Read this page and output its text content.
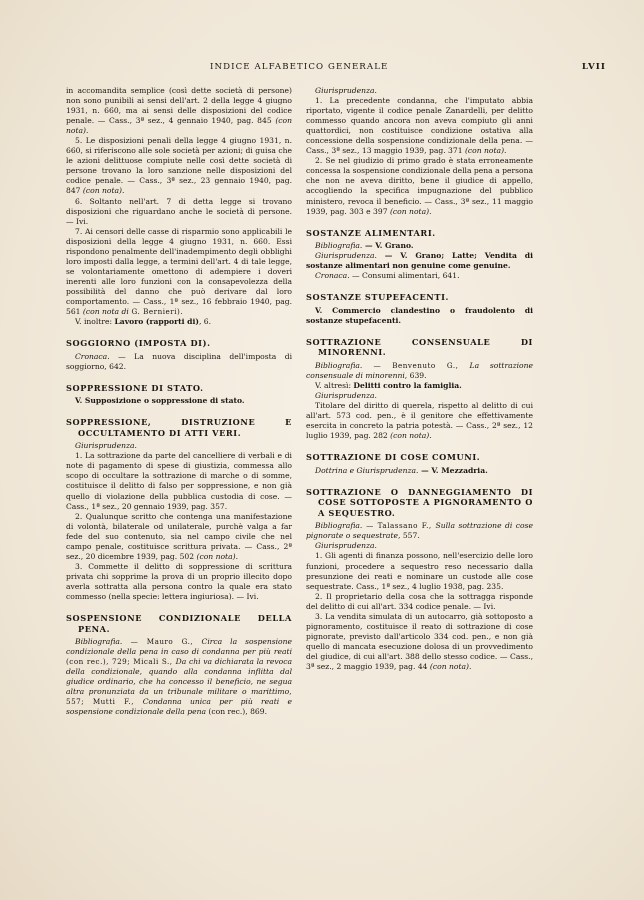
INDICE ALFABETICO GENERALE	LVII

in accomandita semplice (così dette società di persone) non sono punibili ai sensi dell'art. 2 della legge 4 giugno 1931, n. 660, ma ai sensi delle disposizioni del codice penale. — Cass., 3ª sez., 4 gennaio 1940, pag. 845 (con nota).

5. Le disposizioni penali della legge 4 giugno 1931, n. 660, si riferiscono alle sole società per azioni; di guisa che le azioni delittuose compiute nelle così dette società di persone trovano la loro sanzione nelle disposizioni del codice penale. — Cass., 3ª sez., 23 gennaio 1940, pag. 847 (con nota).

6. Soltanto nell'art. 7 di detta legge si trovano disposizioni che riguardano anche le società di persone. — Ivi.

7. Ai censori delle casse di risparmio sono applicabili le disposizioni della legge 4 giugno 1931, n. 660. Essi rispondono penalmente dell'inadempimento degli obblighi loro imposti dalla legge, a termini dell'art. 4 di tale legge, se volontariamente omettono di adempiere i doveri inerenti alle loro funzioni con la consapevolezza della possibilità del danno che può derivare dal loro comportamento. — Cass., 1ª sez., 16 febbraio 1940, pag. 561 (con nota di G. Bernieri).

V. inoltre: Lavoro (rapporti di), 6.

SOGGIORNO (IMPOSTA DI).

Cronaca. — La nuova disciplina dell'imposta di soggiorno, 642.

SOPPRESSIONE DI STATO.

V. Supposizione o soppressione di stato.

SOPPRESSIONE, DISTRUZIONE E OCCULTAMENTO DI ATTI VERI.

Giurisprudenza.

1. La sottrazione da parte del cancelliere di verbali e di note di pagamento di spese di giustizia, commessa allo scopo di occultare la sottrazione di marche o di somme, costituisce il delitto di falso per soppressione, e non già quello di violazione della pubblica custodia di cose. — Cass., 1ª sez., 20 gennaio 1939, pag. 357.

2. Qualunque scritto che contenga una manifestazione di volontà, bilaterale od unilaterale, purchè valga a far fede del suo contenuto, sia nel campo civile che nel campo penale, costituisce scrittura privata. — Cass., 2ª sez., 20 dicembre 1939, pag. 502 (con nota).

3. Commette il delitto di soppressione di scrittura privata chi sopprime la prova di un proprio illecito dopo averla sottratta alla persona contro la quale era stato commesso (nella specie: lettera ingiuriosa). — Ivi.

SOSPENSIONE CONDIZIONALE DELLA PENA.

Bibliografia. — Mauro G., Circa la sospensione condizionale della pena in caso di condanna per più reati (con rec.), 729; Micali S., Da chi va dichiarata la revoca della condizionale, quando alla condanna inflitta dal giudice ordinario, che ha concesso il beneficio, ne segua altra pronunziata da un tribunale militare o marittimo, 557; Mutti F., Condanna unica per più reati e sospensione condizionale della pena (con rec.), 869.

Giurisprudenza.

1. La precedente condanna, che l'imputato abbia riportato, vigente il codice penale Zanardelli, per delitto commesso quando ancora non aveva compiuto gli anni quattordici, non costituisce condizione ostativa alla concessione della sospensione condizionale della pena. — Cass., 3ª sez., 13 maggio 1939, pag. 371 (con nota).

2. Se nel giudizio di primo grado è stata erroneamente concessa la sospensione condizionale della pena a persona che non ne aveva diritto, bene il giudice di appello, accogliendo la specifica impugnazione del pubblico ministero, revoca il beneficio. — Cass., 3ª sez., 11 maggio 1939, pag. 303 e 397 (con nota).

SOSTANZE ALIMENTARI.

Bibliografia. — V. Grano.

Giurisprudenza. — V. Grano; Latte; Vendita di sostanze alimentari non genuine come genuine.

Cronaca. — Consumi alimentari, 641.

SOSTANZE STUPEFACENTI.

V. Commercio clandestino o fraudolento di sostanze stupefacenti.

SOTTRAZIONE CONSENSUALE DI MINORENNI.

Bibliografia. — Benvenuto G., La sottrazione consensuale di minorenni, 639.

V. altresì: Delitti contro la famiglia.

Giurisprudenza.

Titolare del diritto di querela, rispetto al delitto di cui all'art. 573 cod. pen., è il genitore che effettivamente esercita in concreto la patria potestà. — Cass., 2ª sez., 12 luglio 1939, pag. 282 (con nota).

SOTTRAZIONE DI COSE COMUNI.

Dottrina e Giurisprudenza. — V. Mezzadria.

SOTTRAZIONE O DANNEGGIAMENTO DI COSE SOTTOPOSTE A PIGNORAMENTO O A SEQUESTRO.

Bibliografia. — Talassano F., Sulla sottrazione di cose pignorate o sequestrate, 557.

Giurisprudenza.

1. Gli agenti di finanza possono, nell'esercizio delle loro funzioni, procedere a sequestro reso necessario dalla presunzione dei reati e nominare un custode alle cose sequestrate. Cass., 1ª sez., 4 luglio 1938, pag. 235.

2. Il proprietario della cosa che la sottragga risponde del delitto di cui all'art. 334 codice penale. — Ivi.

3. La vendita simulata di un autocarro, già sottoposto a pignoramento, costituisce il reato di sottrazione di cose pignorate, previsto dall'articolo 334 cod. pen., e non già quello di mancata esecuzione dolosa di un provvedimento del giudice, di cui all'art. 388 dello stesso codice. — Cass., 3ª sez., 2 maggio 1939, pag. 44 (con nota).
